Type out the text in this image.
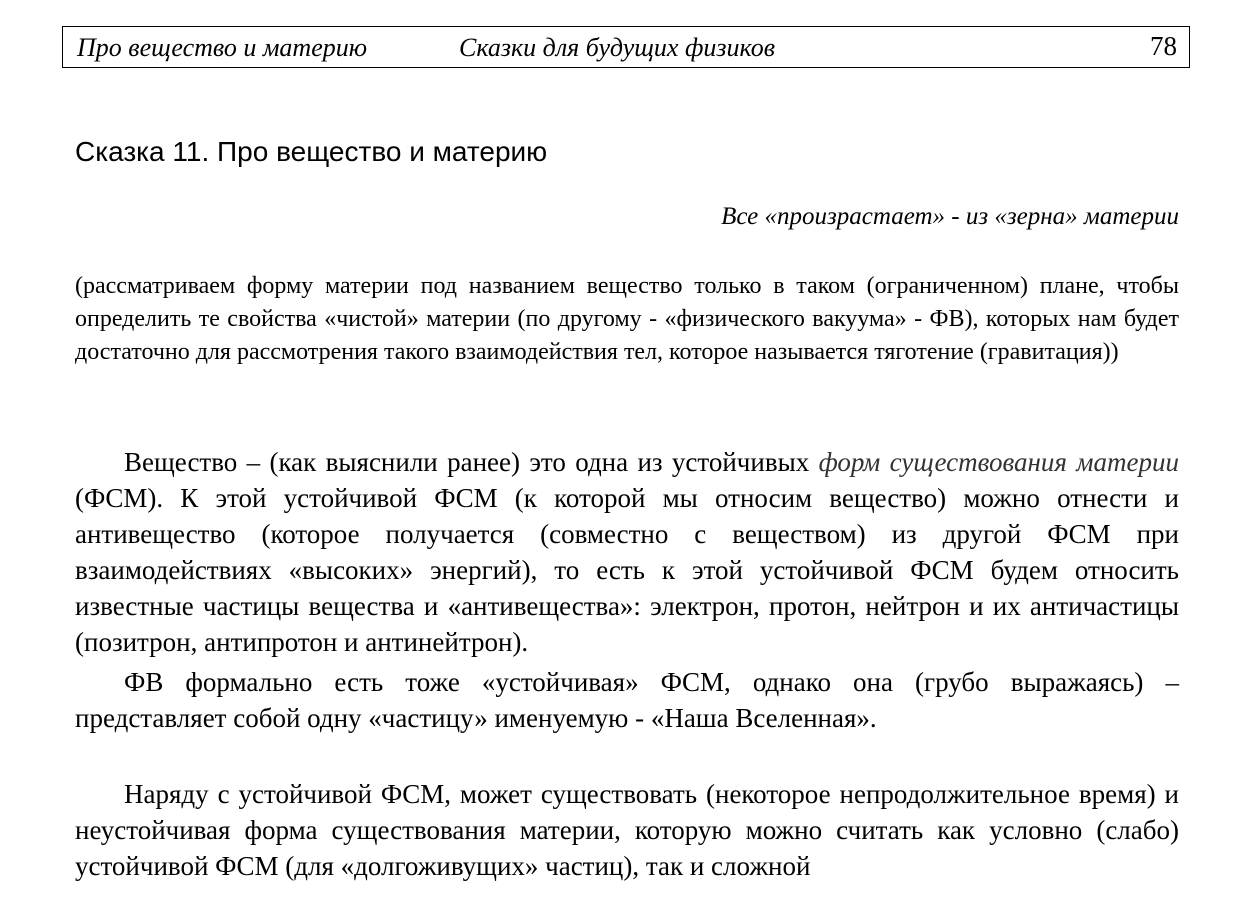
Про вещество и материю	Сказки для будущих физиков	78
Сказка 11. Про вещество и материю
Все «произрастает» - из «зерна» материи

(рассматриваем форму материи под названием вещество только в таком (ограниченном) плане, чтобы определить те свойства «чистой» материи (по другому - «физического вакуума» - ФВ), которых нам будет достаточно для рассмотрения такого взаимодействия тел, которое называется тяготение (гравитация))

Вещество – (как выяснили ранее) это одна из устойчивых форм существования материи (ФСМ). К этой устойчивой ФСМ (к которой мы относим вещество) можно отнести и антивещество (которое получается (совместно с веществом) из другой ФСМ при взаимодействиях «высоких» энергий), то есть к этой устойчивой ФСМ будем относить известные частицы вещества и «антивещества»: электрон, протон, нейтрон и их античастицы (позитрон, антипротон и антинейтрон).

ФВ формально есть тоже «устойчивая» ФСМ, однако она (грубо выражаясь) – представляет собой одну «частицу» именуемую - «Наша Вселенная».

Наряду с устойчивой ФСМ, может существовать (некоторое непродолжительное время) и неустойчивая форма существования материи, которую можно считать как условно (слабо) устойчивой ФСМ (для «долгоживущих» частиц), так и сложной
